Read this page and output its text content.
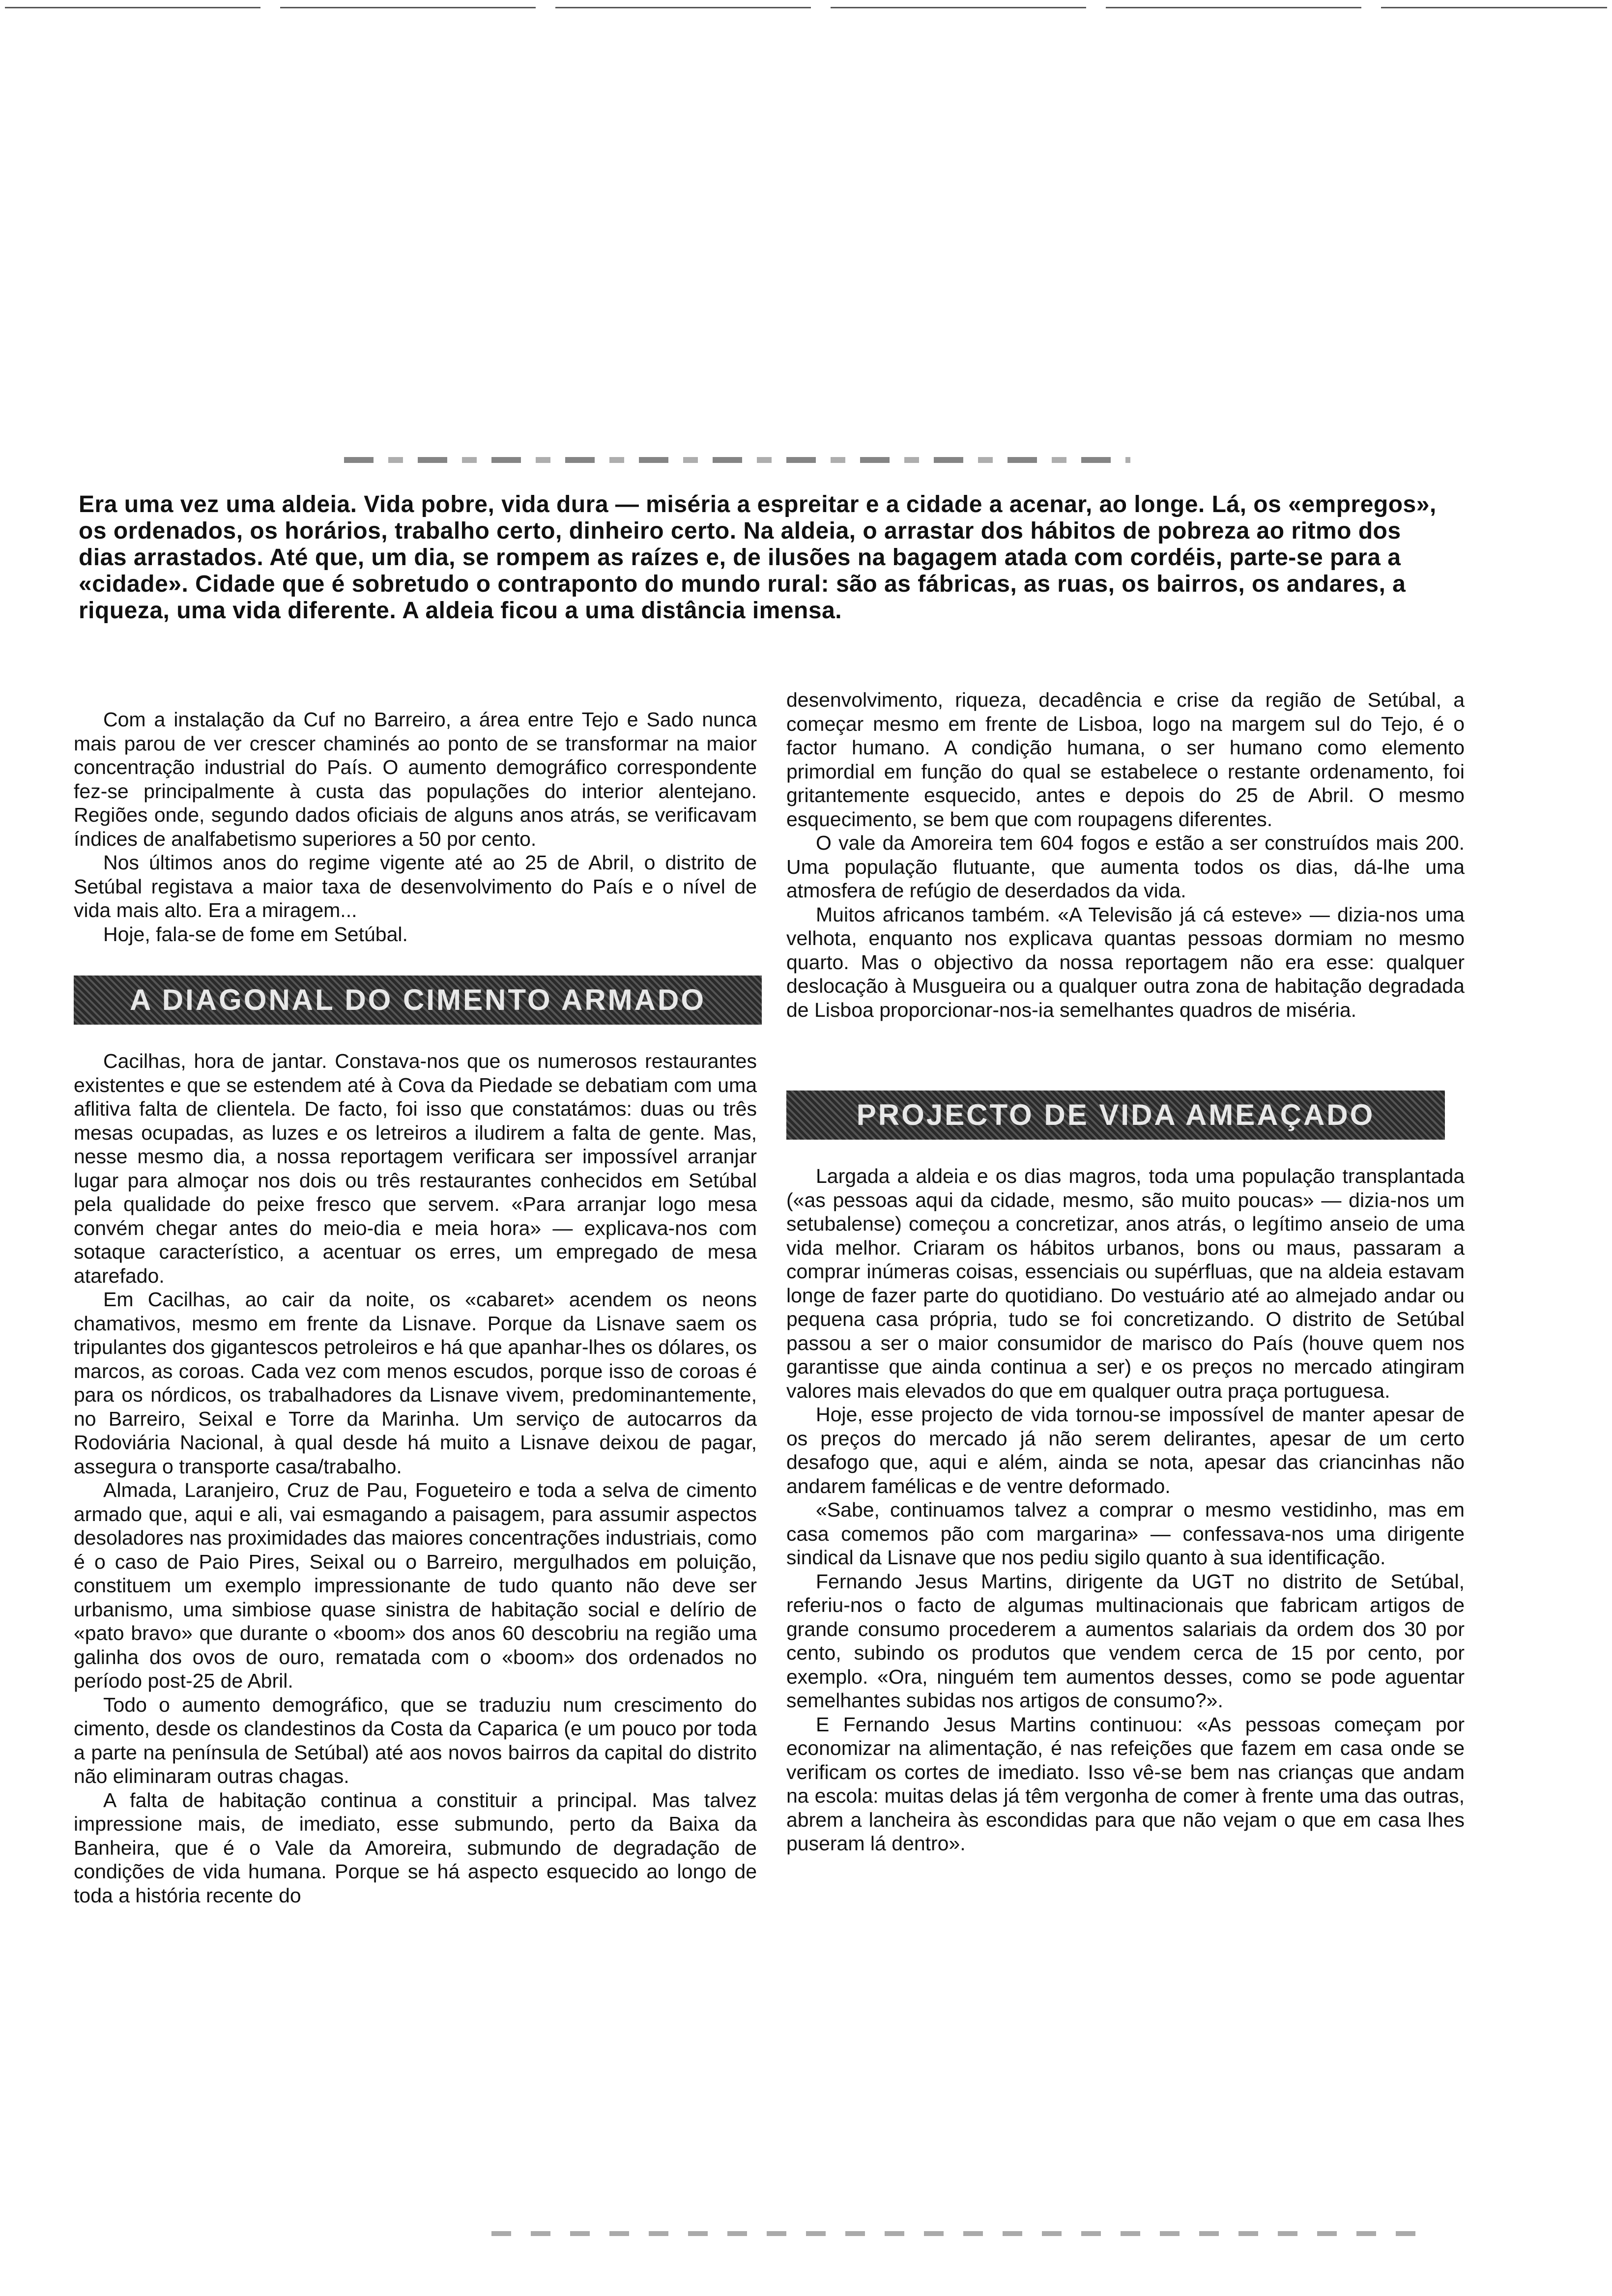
Era uma vez uma aldeia. Vida pobre, vida dura — miséria a espreitar e a cidade a acenar, ao longe. Lá, os «empregos», os ordenados, os horários, trabalho certo, dinheiro certo. Na aldeia, o arrastar dos hábitos de pobreza ao ritmo dos dias arrastados. Até que, um dia, se rompem as raízes e, de ilusões na bagagem atada com cordéis, parte-se para a «cidade». Cidade que é sobretudo o contraponto do mundo rural: são as fábricas, as ruas, os bairros, os andares, a riqueza, uma vida diferente. A aldeia ficou a uma distância imensa.

Com a instalação da Cuf no Barreiro, a área entre Tejo e Sado nunca mais parou de ver crescer chaminés ao ponto de se transformar na maior concentração industrial do País. O aumento demográfico correspondente fez-se principalmente à custa das populações do interior alentejano. Regiões onde, segundo dados oficiais de alguns anos atrás, se verificavam índices de analfabetismo superiores a 50 por cento.

Nos últimos anos do regime vigente até ao 25 de Abril, o distrito de Setúbal registava a maior taxa de desenvolvimento do País e o nível de vida mais alto. Era a miragem...

Hoje, fala-se de fome em Setúbal.

A DIAGONAL DO CIMENTO ARMADO

Cacilhas, hora de jantar. Constava-nos que os numerosos restaurantes existentes e que se estendem até à Cova da Piedade se debatiam com uma aflitiva falta de clientela. De facto, foi isso que constatámos: duas ou três mesas ocupadas, as luzes e os letreiros a iludirem a falta de gente. Mas, nesse mesmo dia, a nossa reportagem verificara ser impossível arranjar lugar para almoçar nos dois ou três restaurantes conhecidos em Setúbal pela qualidade do peixe fresco que servem. «Para arranjar logo mesa convém chegar antes do meio-dia e meia hora» — explicava-nos com sotaque característico, a acentuar os erres, um empregado de mesa atarefado.

Em Cacilhas, ao cair da noite, os «cabaret» acendem os neons chamativos, mesmo em frente da Lisnave. Porque da Lisnave saem os tripulantes dos gigantescos petroleiros e há que apanhar-lhes os dólares, os marcos, as coroas. Cada vez com menos escudos, porque isso de coroas é para os nórdicos, os trabalhadores da Lisnave vivem, predominantemente, no Barreiro, Seixal e Torre da Marinha. Um serviço de autocarros da Rodoviária Nacional, à qual desde há muito a Lisnave deixou de pagar, assegura o transporte casa/trabalho.

Almada, Laranjeiro, Cruz de Pau, Fogueteiro e toda a selva de cimento armado que, aqui e ali, vai esmagando a paisagem, para assumir aspectos desoladores nas proximidades das maiores concentrações industriais, como é o caso de Paio Pires, Seixal ou o Barreiro, mergulhados em poluição, constituem um exemplo impressionante de tudo quanto não deve ser urbanismo, uma simbiose quase sinistra de habitação social e delírio de «pato bravo» que durante o «boom» dos anos 60 descobriu na região uma galinha dos ovos de ouro, rematada com o «boom» dos ordenados no período post-25 de Abril.

Todo o aumento demográfico, que se traduziu num crescimento do cimento, desde os clandestinos da Costa da Caparica (e um pouco por toda a parte na península de Setúbal) até aos novos bairros da capital do distrito não eliminaram outras chagas.

A falta de habitação continua a constituir a principal. Mas talvez impressione mais, de imediato, esse submundo, perto da Baixa da Banheira, que é o Vale da Amoreira, submundo de degradação de condições de vida humana. Porque se há aspecto esquecido ao longo de toda a história recente do

desenvolvimento, riqueza, decadência e crise da região de Setúbal, a começar mesmo em frente de Lisboa, logo na margem sul do Tejo, é o factor humano. A condição humana, o ser humano como elemento primordial em função do qual se estabelece o restante ordenamento, foi gritantemente esquecido, antes e depois do 25 de Abril. O mesmo esquecimento, se bem que com roupagens diferentes.

O vale da Amoreira tem 604 fogos e estão a ser construídos mais 200. Uma população flutuante, que aumenta todos os dias, dá-lhe uma atmosfera de refúgio de deserdados da vida.

Muitos africanos também. «A Televisão já cá esteve» — dizia-nos uma velhota, enquanto nos explicava quantas pessoas dormiam no mesmo quarto. Mas o objectivo da nossa reportagem não era esse: qualquer deslocação à Musgueira ou a qualquer outra zona de habitação degradada de Lisboa proporcionar-nos-ia semelhantes quadros de miséria.

PROJECTO DE VIDA AMEAÇADO

Largada a aldeia e os dias magros, toda uma população transplantada («as pessoas aqui da cidade, mesmo, são muito poucas» — dizia-nos um setubalense) começou a concretizar, anos atrás, o legítimo anseio de uma vida melhor. Criaram os hábitos urbanos, bons ou maus, passaram a comprar inúmeras coisas, essenciais ou supérfluas, que na aldeia estavam longe de fazer parte do quotidiano. Do vestuário até ao almejado andar ou pequena casa própria, tudo se foi concretizando. O distrito de Setúbal passou a ser o maior consumidor de marisco do País (houve quem nos garantisse que ainda continua a ser) e os preços no mercado atingiram valores mais elevados do que em qualquer outra praça portuguesa.

Hoje, esse projecto de vida tornou-se impossível de manter apesar de os preços do mercado já não serem delirantes, apesar de um certo desafogo que, aqui e além, ainda se nota, apesar das criancinhas não andarem famélicas e de ventre deformado.

«Sabe, continuamos talvez a comprar o mesmo vestidinho, mas em casa comemos pão com margarina» — confessava-nos uma dirigente sindical da Lisnave que nos pediu sigilo quanto à sua identificação.

Fernando Jesus Martins, dirigente da UGT no distrito de Setúbal, referiu-nos o facto de algumas multinacionais que fabricam artigos de grande consumo procederem a aumentos salariais da ordem dos 30 por cento, subindo os produtos que vendem cerca de 15 por cento, por exemplo. «Ora, ninguém tem aumentos desses, como se pode aguentar semelhantes subidas nos artigos de consumo?».

E Fernando Jesus Martins continuou: «As pessoas começam por economizar na alimentação, é nas refeições que fazem em casa onde se verificam os cortes de imediato. Isso vê-se bem nas crianças que andam na escola: muitas delas já têm vergonha de comer à frente uma das outras, abrem a lancheira às escondidas para que não vejam o que em casa lhes puseram lá dentro».
